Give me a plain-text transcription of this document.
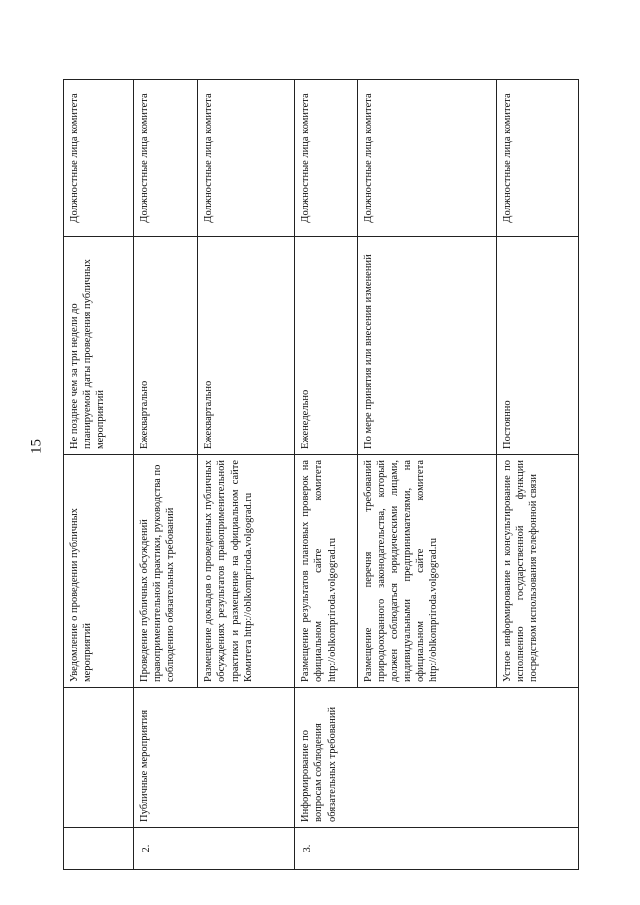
15
		Уведомление о проведении публичных мероприятий	Не позднее чем за три недели до планируемой даты проведения публичных мероприятий	Должностные лица комитета
2.	Публичные мероприятия	Проведение публичных обсуждений правоприменительной практики, руководства по соблюдению обязательных требований	Ежеквартально	Должностные лица комитета
		Размещение докладов о проведенных публичных обсуждениях результатов правоприменительной практики и размещение на официальном сайте Комитета http://oblkompriroda.volgograd.ru	Ежеквартально	Должностные лица комитета
3.	Информирование по вопросам соблюдения обязательных требований	Размещение результатов плановых проверок на официальном сайте комитета http://oblkompriroda.volgograd.ru	Еженедельно	Должностные лица комитета
		Размещение перечня требований природоохранного законодательства, который должен соблюдаться юридическими лицами, индивидуальными предпринимателями, на официальном сайте комитета http://oblkompriroda.volgograd.ru	По мере принятия или внесения изменений	Должностные лица комитета
		Устное информирование и консультирование по исполнению государственной функции посредством использования телефонной связи	Постоянно	Должностные лица комитета
